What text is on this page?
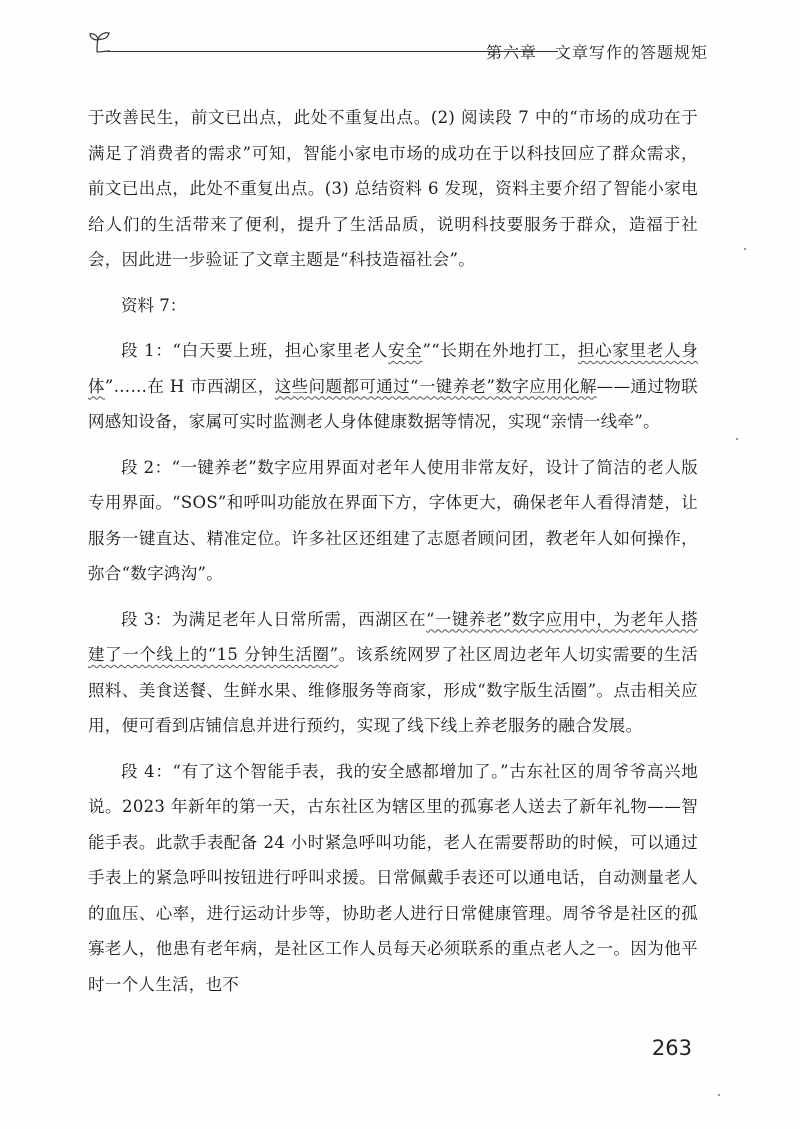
第六章 文章写作的答题规矩

于改善民生，前文已出点，此处不重复出点。(2) 阅读段 7 中的“市场的成功在于满足了消费者的需求”可知，智能小家电市场的成功在于以科技回应了群众需求，前文已出点，此处不重复出点。(3) 总结资料 6 发现，资料主要介绍了智能小家电给人们的生活带来了便利，提升了生活品质，说明科技要服务于群众，造福于社会，因此进一步验证了文章主题是“科技造福社会”。

资料 7：

段 1：“白天要上班，担心家里老人安全”“长期在外地打工，担心家里老人身体”……在 H 市西湖区，这些问题都可通过“一键养老”数字应用化解——通过物联网感知设备，家属可实时监测老人身体健康数据等情况，实现“亲情一线牵”。

段 2：“一键养老”数字应用界面对老年人使用非常友好，设计了简洁的老人版专用界面。“SOS”和呼叫功能放在界面下方，字体更大，确保老年人看得清楚，让服务一键直达、精准定位。许多社区还组建了志愿者顾问团，教老年人如何操作，弥合“数字鸿沟”。

段 3：为满足老年人日常所需，西湖区在“一键养老”数字应用中，为老年人搭建了一个线上的“15 分钟生活圈”。该系统网罗了社区周边老年人切实需要的生活照料、美食送餐、生鲜水果、维修服务等商家，形成“数字版生活圈”。点击相关应用，便可看到店铺信息并进行预约，实现了线下线上养老服务的融合发展。

段 4：“有了这个智能手表，我的安全感都增加了。”古东社区的周爷爷高兴地说。2023 年新年的第一天，古东社区为辖区里的孤寡老人送去了新年礼物——智能手表。此款手表配备 24 小时紧急呼叫功能，老人在需要帮助的时候，可以通过手表上的紧急呼叫按钮进行呼叫求援。日常佩戴手表还可以通电话，自动测量老人的血压、心率，进行运动计步等，协助老人进行日常健康管理。周爷爷是社区的孤寡老人，他患有老年病，是社区工作人员每天必须联系的重点老人之一。因为他平时一个人生活，也不

263
